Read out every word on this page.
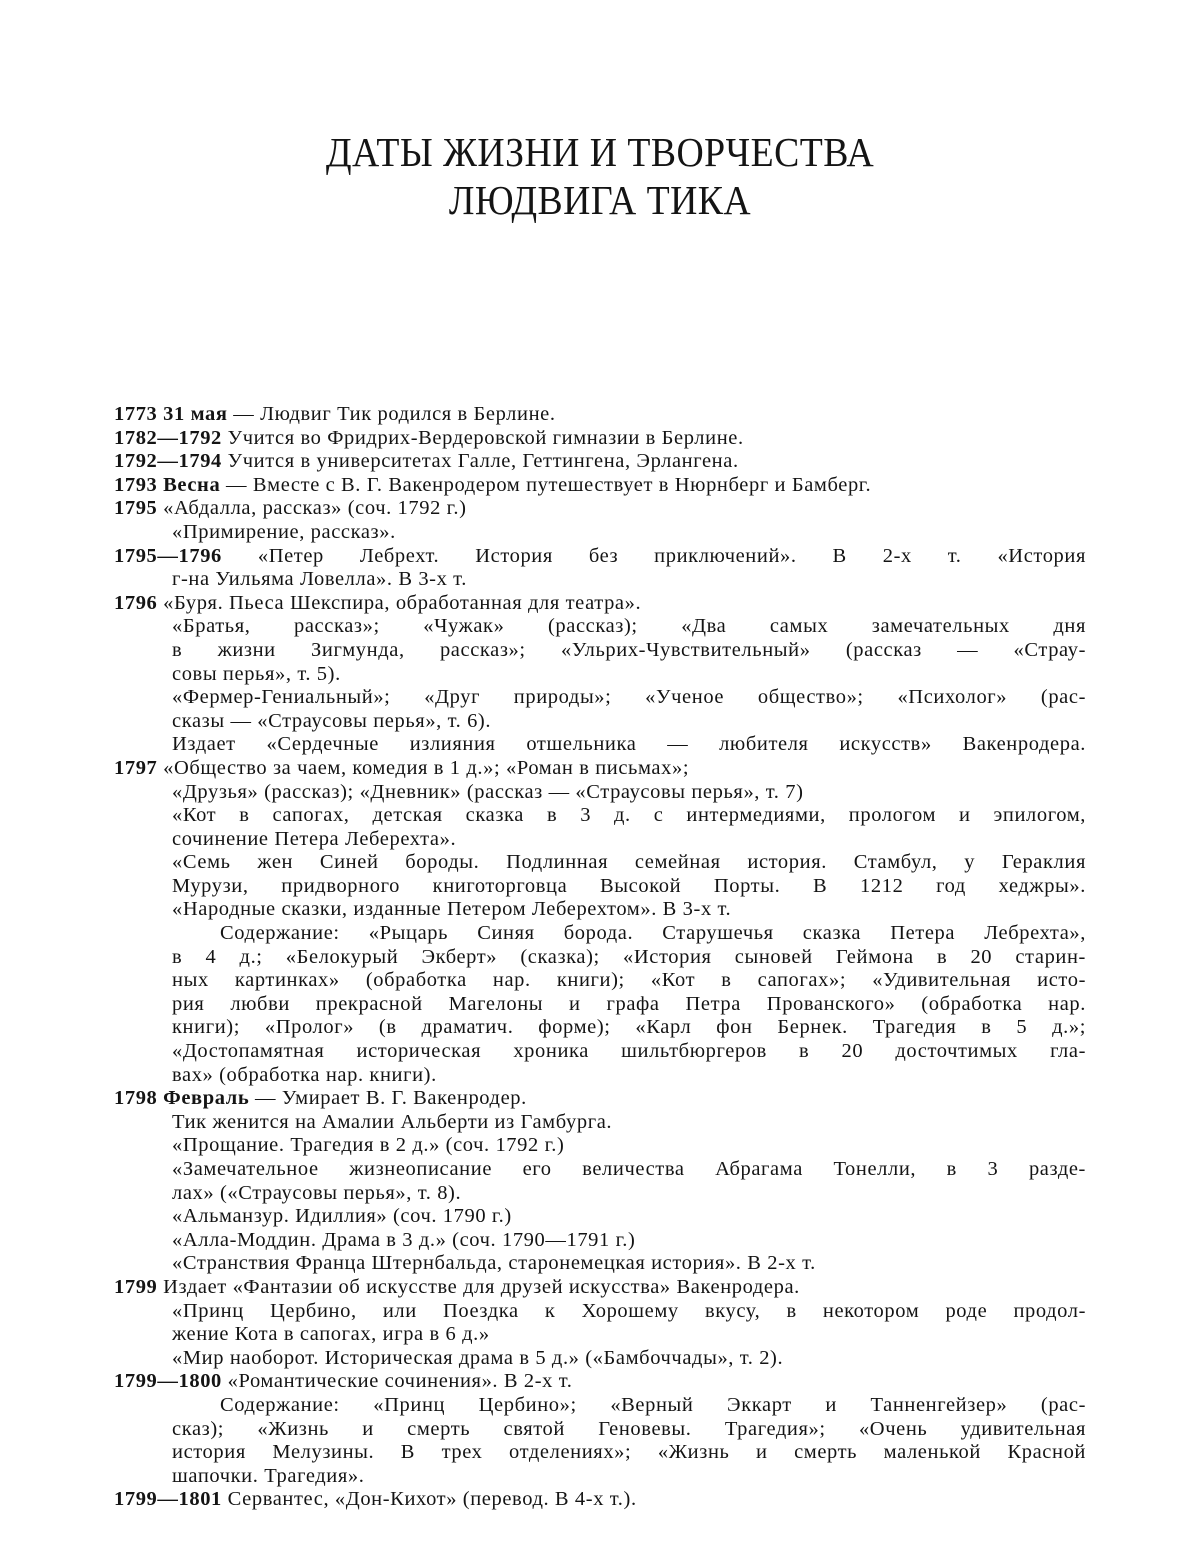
ДАТЫ ЖИЗНИ И ТВОРЧЕСТВА
ЛЮДВИГА ТИКА
1773 31 мая — Людвиг Тик родился в Берлине.
1782—1792 Учится во Фридрих-Вердеровской гимназии в Берлине.
1792—1794 Учится в университетах Галле, Геттингена, Эрлангена.
1793 Весна — Вместе с В. Г. Вакенродером путешествует в Нюрнберг и Бамберг.
1795 «Абдалла, рассказ» (соч. 1792 г.)
«Примирение, рассказ».
1795—1796 «Петер Лебрехт. История без приключений». В 2-х т. «История
г-на Уильяма Ловелла». В 3-х т.
1796 «Буря. Пьеса Шекспира, обработанная для театра».
«Братья, рассказ»; «Чужак» (рассказ); «Два самых замечательных дня
в жизни Зигмунда, рассказ»; «Ульрих-Чувствительный» (рассказ — «Страу-
совы перья», т. 5).
«Фермер-Гениальный»; «Друг природы»; «Ученое общество»; «Психолог» (рас-
сказы — «Страусовы перья», т. 6).
Издает «Сердечные излияния отшельника — любителя искусств» Вакенродера.
1797 «Общество за чаем, комедия в 1 д.»; «Роман в письмах»;
«Друзья» (рассказ); «Дневник» (рассказ — «Страусовы перья», т. 7)
«Кот в сапогах, детская сказка в 3 д. с интермедиями, прологом и эпилогом,
сочинение Петера Леберехта».
«Семь жен Синей бороды. Подлинная семейная история. Стамбул, у Гераклия
Мурузи, придворного книготорговца Высокой Порты. В 1212 год хеджры».
«Народные сказки, изданные Петером Леберехтом». В 3-х т.
Содержание: «Рыцарь Синяя борода. Старушечья сказка Петера Лебрехта»,
в 4 д.; «Белокурый Экберт» (сказка); «История сыновей Геймона в 20 старин-
ных картинках» (обработка нар. книги); «Кот в сапогах»; «Удивительная исто-
рия любви прекрасной Магелоны и графа Петра Прованского» (обработка нар.
книги); «Пролог» (в драматич. форме); «Карл фон Бернек. Трагедия в 5 д.»;
«Достопамятная историческая хроника шильтбюргеров в 20 досточтимых гла-
вах» (обработка нар. книги).
1798 Февраль — Умирает В. Г. Вакенродер.
Тик женится на Амалии Альберти из Гамбурга.
«Прощание. Трагедия в 2 д.» (соч. 1792 г.)
«Замечательное жизнеописание его величества Абрагама Тонелли, в 3 разде-
лах» («Страусовы перья», т. 8).
«Альманзур. Идиллия» (соч. 1790 г.)
«Алла-Моддин. Драма в 3 д.» (соч. 1790—1791 г.)
«Странствия Франца Штернбальда, старонемецкая история». В 2-х т.
1799 Издает «Фантазии об искусстве для друзей искусства» Вакенродера.
«Принц Цербино, или Поездка к Хорошему вкусу, в некотором роде продол-
жение Кота в сапогах, игра в 6 д.»
«Мир наоборот. Историческая драма в 5 д.» («Бамбоччады», т. 2).
1799—1800 «Романтические сочинения». В 2-х т.
Содержание: «Принц Цербино»; «Верный Эккарт и Танненгейзер» (рас-
сказ); «Жизнь и смерть святой Геновевы. Трагедия»; «Очень удивительная
история Мелузины. В трех отделениях»; «Жизнь и смерть маленькой Красной
шапочки. Трагедия».
1799—1801 Сервантес, «Дон-Кихот» (перевод. В 4-х т.).
